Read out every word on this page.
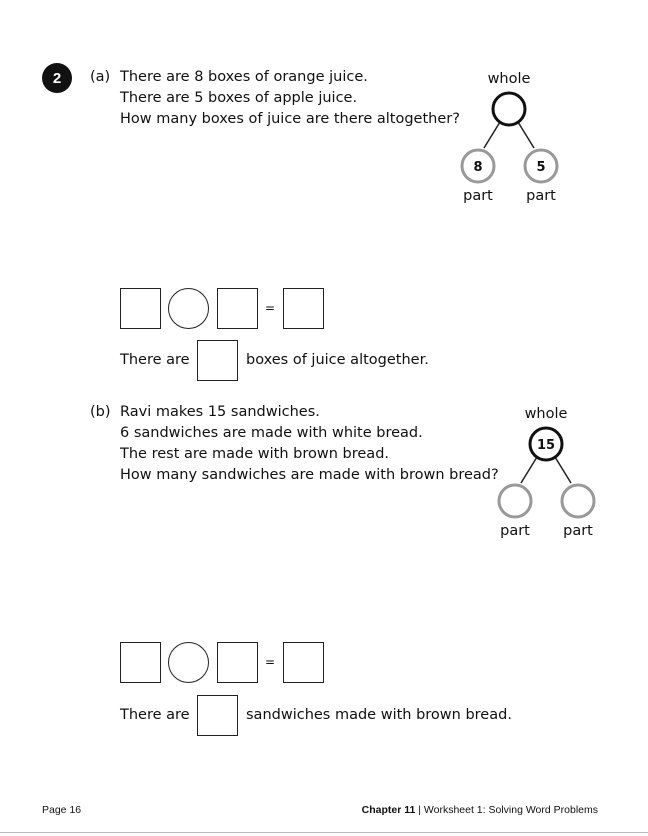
2	(a) There are 8 boxes of orange juice.
There are 5 boxes of apple juice.
How many boxes of juice are there altogether?
whole
8	5
part part
=
There are	boxes of juice altogether.
(b) Ravi makes 15 sandwiches.
6 sandwiches are made with white bread.
The rest are made with brown bread.
How many sandwiches are made with brown bread?
whole
15
part part
=
There are	sandwiches made with brown bread.
Page 16	Chapter 11 | Worksheet 1: Solving Word Problems
